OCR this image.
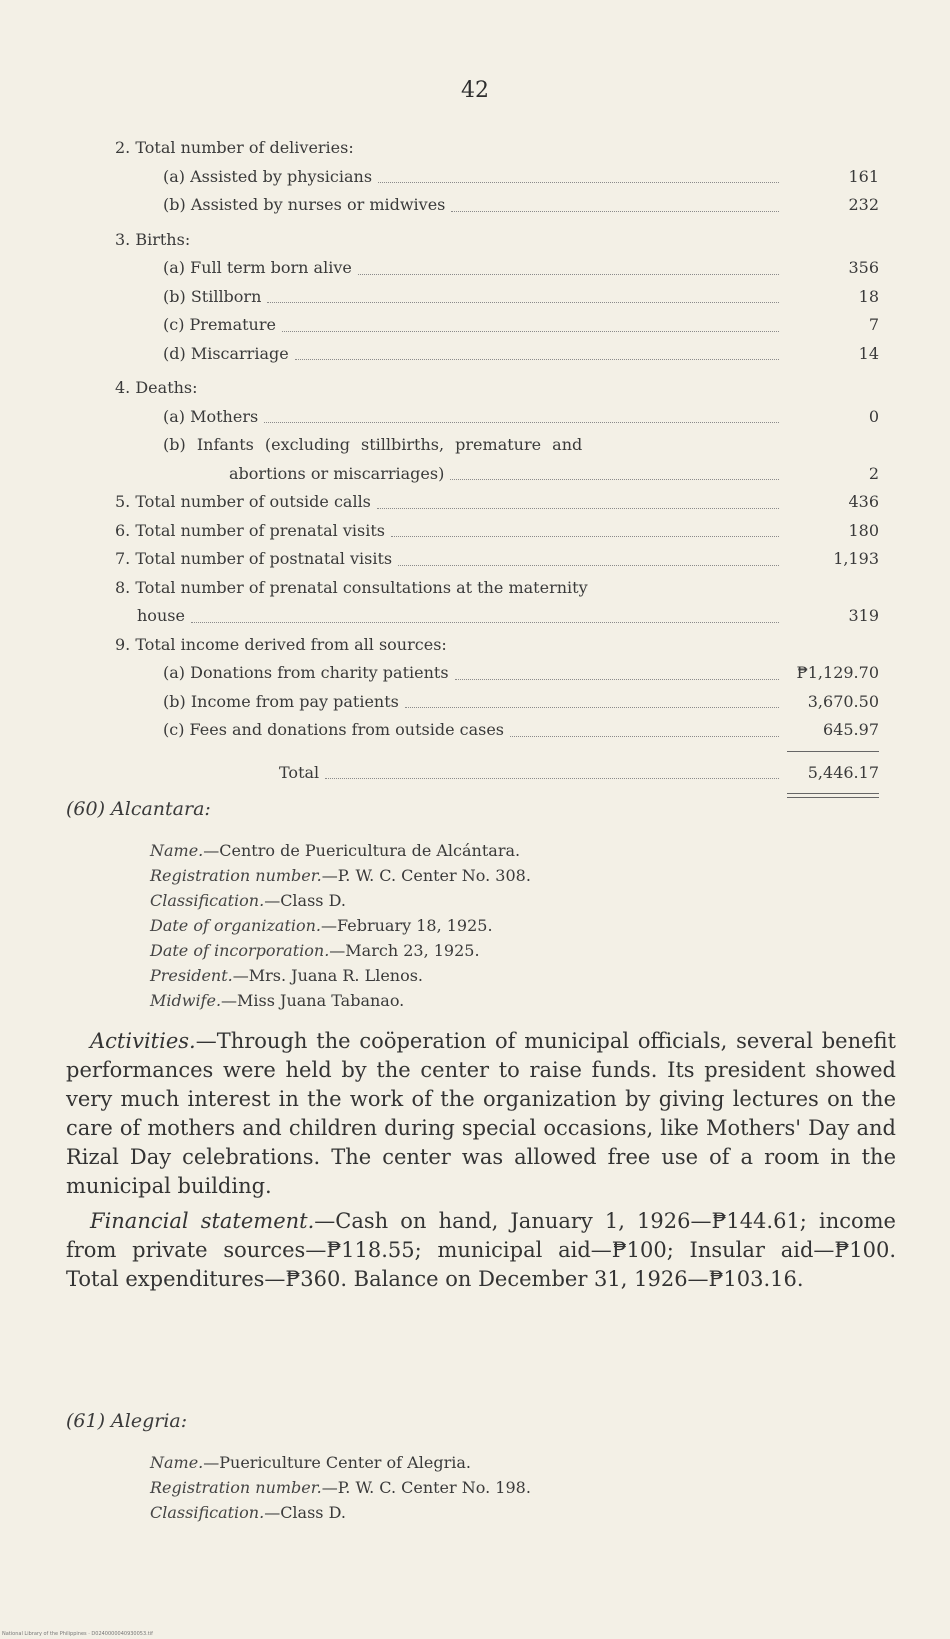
42
2. Total number of deliveries:
(a) Assisted by physicians	161
(b) Assisted by nurses or midwives	232
3. Births:
(a) Full term born alive	356
(b) Stillborn	18
(c) Premature	7
(d) Miscarriage	14
4. Deaths:
(a) Mothers	0
(b) Infants (excluding stillbirths, premature and
abortions or miscarriages)	2
5. Total number of outside calls	436
6. Total number of prenatal visits	180
7. Total number of postnatal visits	1,193
8. Total number of prenatal consultations at the maternity
house	319
9. Total income derived from all sources:
(a) Donations from charity patients	₱1,129.70
(b) Income from pay patients	3,670.50
(c) Fees and donations from outside cases	645.97
Total	5,446.17
(60) Alcantara:
Name.—Centro de Puericultura de Alcántara.
Registration number.—P. W. C. Center No. 308.
Classification.—Class D.
Date of organization.—February 18, 1925.
Date of incorporation.—March 23, 1925.
President.—Mrs. Juana R. Llenos.
Midwife.—Miss Juana Tabanao.

Activities.—Through the coöperation of municipal officials, several benefit performances were held by the center to raise funds. Its president showed very much interest in the work of the organization by giving lectures on the care of mothers and children during special occasions, like Mothers' Day and Rizal Day celebrations. The center was allowed free use of a room in the municipal building.

Financial statement.—Cash on hand, January 1, 1926—₱144.61; income from private sources—₱118.55; municipal aid—₱100; Insular aid—₱100. Total expenditures—₱360. Balance on December 31, 1926—₱103.16.

(61) Alegria:
Name.—Puericulture Center of Alegria.
Registration number.—P. W. C. Center No. 198.
Classification.—Class D.
National Library of the Philippines · D0240000040930053.tif
